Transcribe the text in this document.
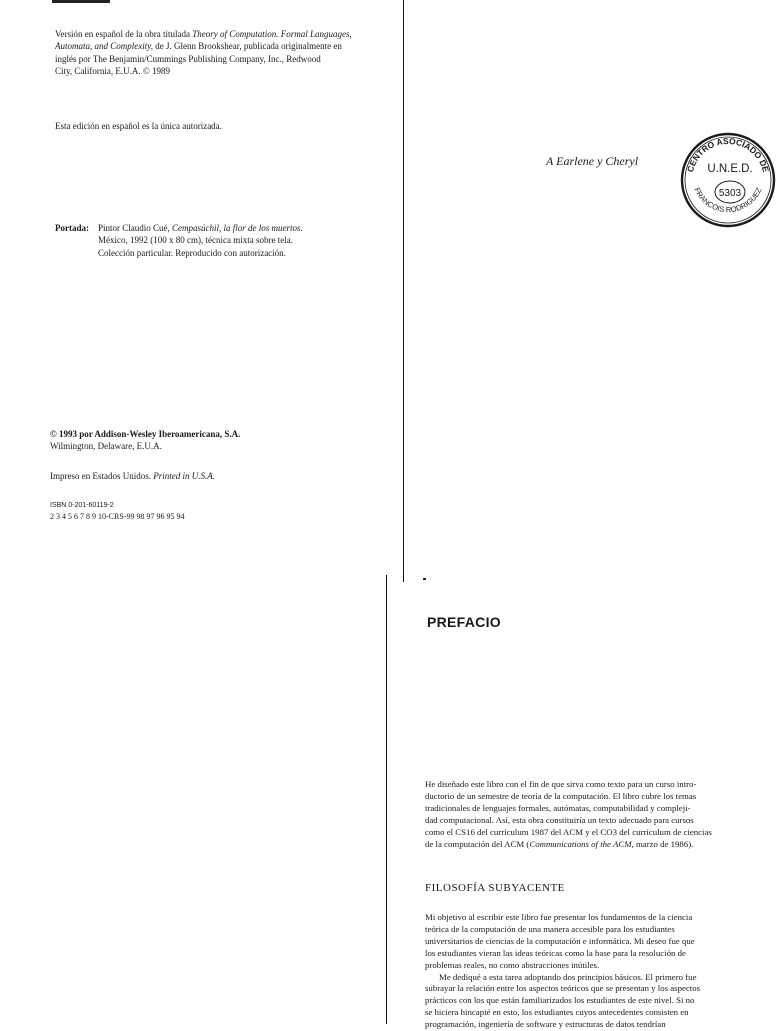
Versión en español de la obra titulada Theory of Computation. Formal Languages,
Automata, and Complexity, de J. Glenn Brookshear, publicada originalmente en
inglés por The Benjamin/Cummings Publishing Company, Inc., Redwood
City, California, E.U.A. © 1989
Esta edición en español es la única autorizada.
Portada: Pintor Claudio Cué, Cempasúchil, la flor de los muertos.
México, 1992 (100 x 80 cm), técnica mixta sobre tela.
Colección particular. Reproducido con autorización.
© 1993 por Addison-Wesley Iberoamericana, S.A.
Wilmington, Delaware, E.U.A.
Impreso en Estados Unidos. Printed in U.S.A.
ISBN 0-201-60119-2
2 3 4 5 6 7 8 9 10-CRS-99 98 97 96 95 94
A Earlene y Cheryl
CENTRO ASOCIADO DE
U.N.E.D.
5303
FRANCOIS RODRIGUEZ
PREFACIO
He diseñado este libro con el fin de que sirva como texto para un curso intro-
ductorio de un semestre de teoría de la computación. El libro cubre los temas
tradicionales de lenguajes formales, autómatas, computabilidad y compleji-
dad computacional. Así, esta obra constituiría un texto adecuado para cursos
como el CS16 del currículum 1987 del ACM y el CO3 del currículum de ciencias
de la computación del ACM (Communications of the ACM, marzo de 1986).
FILOSOFÍA SUBYACENTE
Mi objetivo al escribir este libro fue presentar los fundamentos de la ciencia
teórica de la computación de una manera accesible para los estudiantes
universitarios de ciencias de la computación e informática. Mi deseo fue que
los estudiantes vieran las ideas teóricas como la base para la resolución de
problemas reales, no como abstracciones inútiles.
Me dediqué a esta tarea adoptando dos principios básicos. El primero fue
subrayar la relación entre los aspectos teóricos que se presentan y los aspectos
prácticos con los que están familiarizados los estudiantes de este nivel. Si no
se hiciera hincapié en esto, los estudiantes cuyos antecedentes consisten en
programación, ingeniería de software y estructuras de datos tendrían
